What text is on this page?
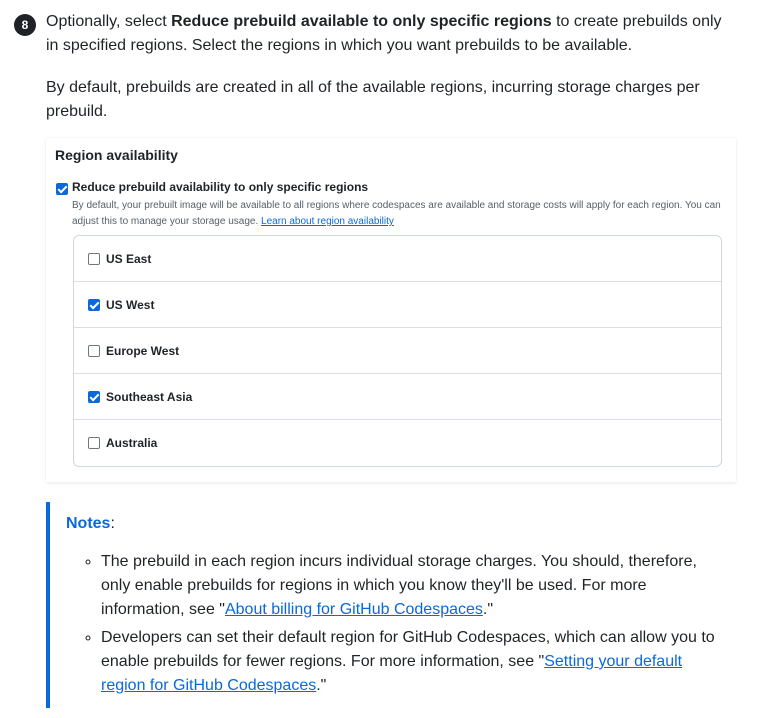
8	Optionally, select Reduce prebuild available to only specific regions to create prebuilds only in specified regions. Select the regions in which you want prebuilds to be available.

By default, prebuilds are created in all of the available regions, incurring storage charges per prebuild.

Region availability
Reduce prebuild availability to only specific regions
By default, your prebuilt image will be available to all regions where codespaces are available and storage costs will apply for each region. You can adjust this to manage your storage usage. Learn about region availability
US East
US West
Europe West
Southeast Asia
Australia
Notes:
◦ The prebuild in each region incurs individual storage charges. You should, therefore, only enable prebuilds for regions in which you know they'll be used. For more information, see "About billing for GitHub Codespaces."
◦ Developers can set their default region for GitHub Codespaces, which can allow you to enable prebuilds for fewer regions. For more information, see "Setting your default region for GitHub Codespaces."
